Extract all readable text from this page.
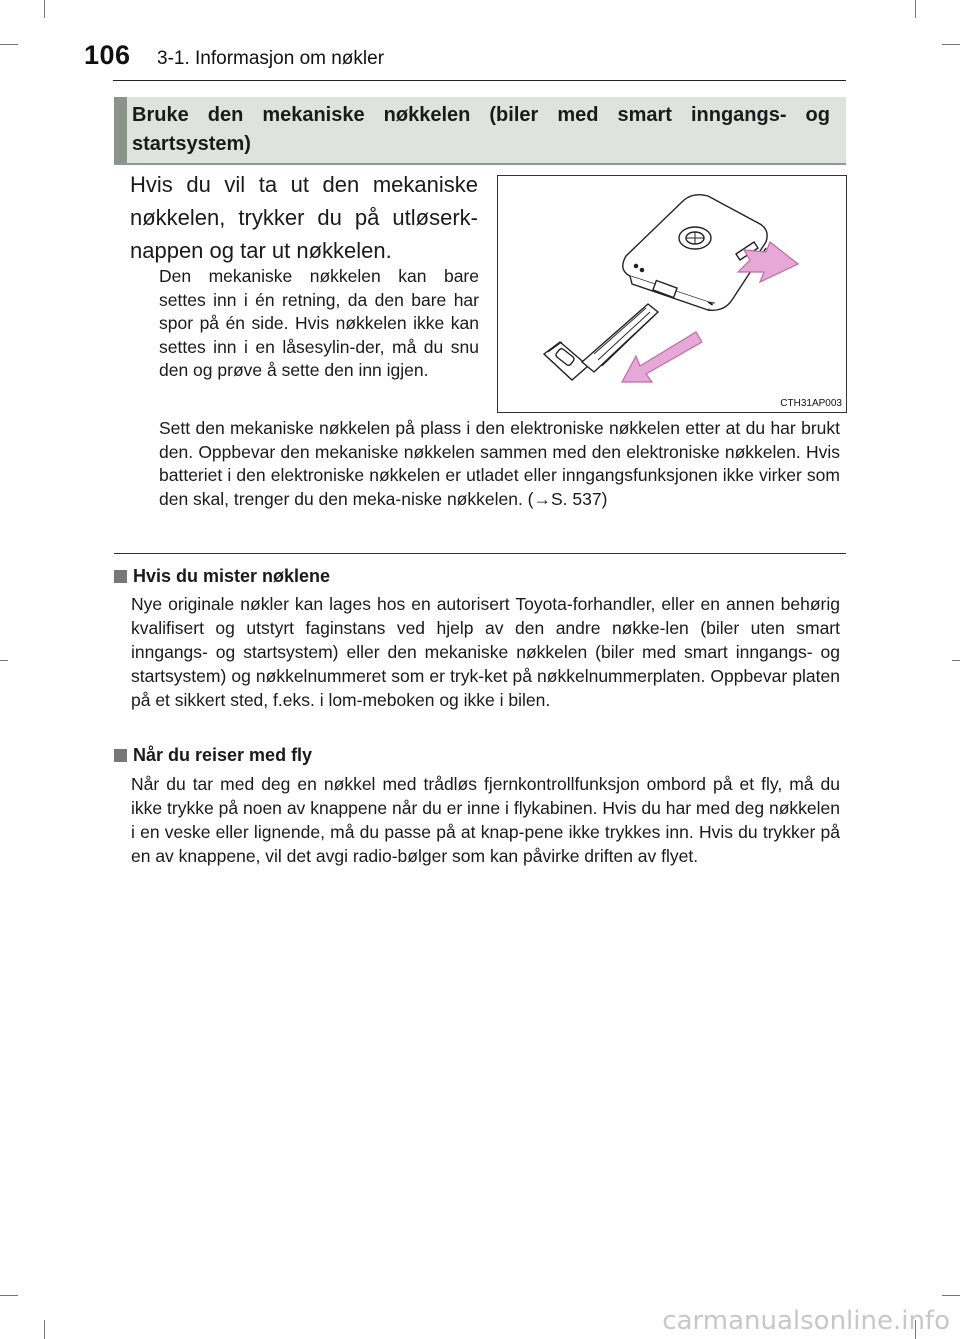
106 3-1. Informasjon om nøkler
Bruke den mekaniske nøkkelen (biler med smart inngangs- og startsystem)
Hvis du vil ta ut den mekaniske nøkkelen, trykker du på utløserk-nappen og tar ut nøkkelen.
Den mekaniske nøkkelen kan bare settes inn i én retning, da den bare har spor på én side. Hvis nøkkelen ikke kan settes inn i en låsesylin-der, må du snu den og prøve å sette den inn igjen.
CTH31AP003
Sett den mekaniske nøkkelen på plass i den elektroniske nøkkelen etter at du har brukt den. Oppbevar den mekaniske nøkkelen sammen med den elektroniske nøkkelen. Hvis batteriet i den elektroniske nøkkelen er utladet eller inngangsfunksjonen ikke virker som den skal, trenger du den meka-niske nøkkelen. (→S. 537)
Hvis du mister nøklene
Nye originale nøkler kan lages hos en autorisert Toyota-forhandler, eller en annen behørig kvalifisert og utstyrt faginstans ved hjelp av den andre nøkke-len (biler uten smart inngangs- og startsystem) eller den mekaniske nøkkelen (biler med smart inngangs- og startsystem) og nøkkelnummeret som er tryk-ket på nøkkelnummerplaten. Oppbevar platen på et sikkert sted, f.eks. i lom-meboken og ikke i bilen.
Når du reiser med fly
Når du tar med deg en nøkkel med trådløs fjernkontrollfunksjon ombord på et fly, må du ikke trykke på noen av knappene når du er inne i flykabinen. Hvis du har med deg nøkkelen i en veske eller lignende, må du passe på at knap-pene ikke trykkes inn. Hvis du trykker på en av knappene, vil det avgi radio-bølger som kan påvirke driften av flyet.
carmanualsonline.info
